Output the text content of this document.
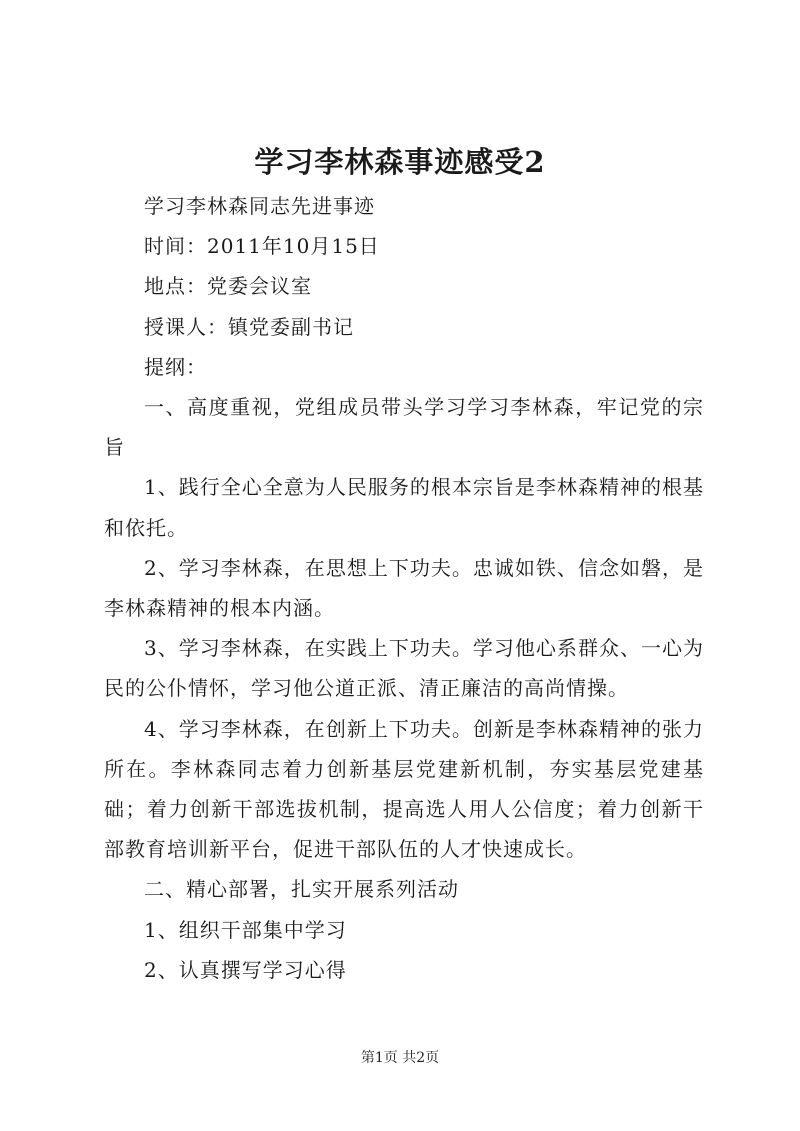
学习李林森事迹感受2

学习李林森同志先进事迹

时间：2011年10月15日

地点：党委会议室

授课人：镇党委副书记

提纲：

一、高度重视，党组成员带头学习学习李林森，牢记党的宗旨

1、践行全心全意为人民服务的根本宗旨是李林森精神的根基和依托。

2、学习李林森，在思想上下功夫。忠诚如铁、信念如磐，是李林森精神的根本内涵。

3、学习李林森，在实践上下功夫。学习他心系群众、一心为民的公仆情怀，学习他公道正派、清正廉洁的高尚情操。

4、学习李林森，在创新上下功夫。创新是李林森精神的张力所在。李林森同志着力创新基层党建新机制，夯实基层党建基础；着力创新干部选拔机制，提高选人用人公信度；着力创新干部教育培训新平台，促进干部队伍的人才快速成长。

二、精心部署，扎实开展系列活动

1、组织干部集中学习

2、认真撰写学习心得

第1页 共2页
